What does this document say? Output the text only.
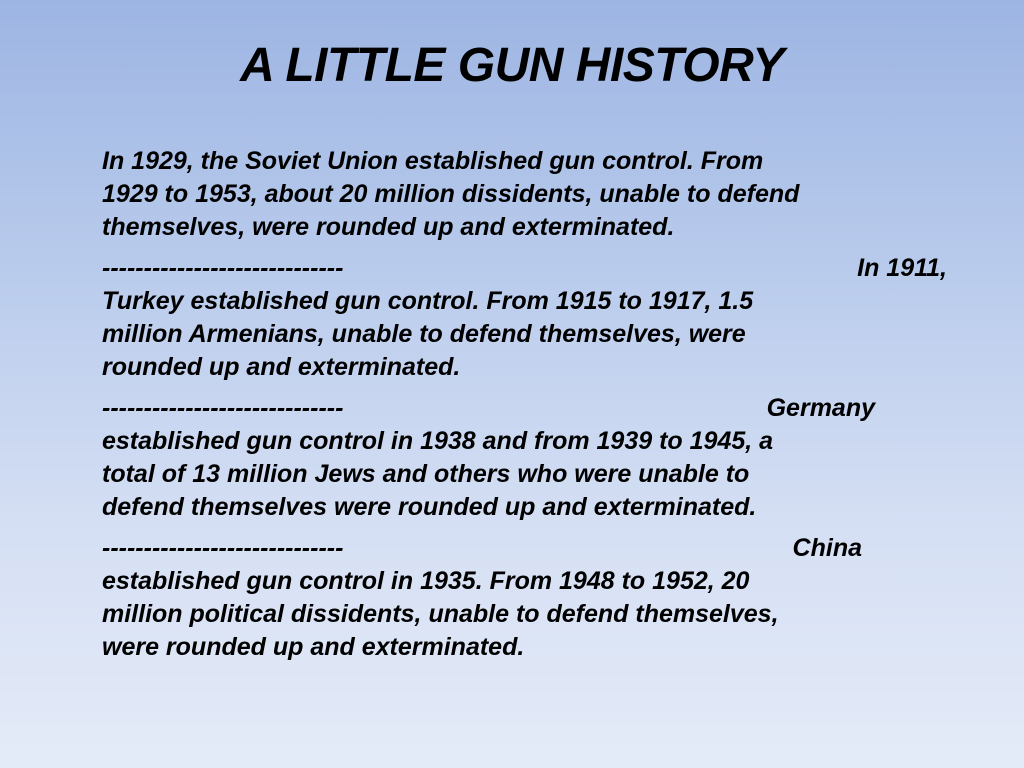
A LITTLE GUN HISTORY
In 1929, the Soviet Union established gun control. From
1929 to 1953, about 20 million dissidents, unable to defend
themselves, were rounded up and exterminated.
-----------------------------	In 1911,
Turkey established gun control. From 1915 to 1917, 1.5
million Armenians, unable to defend themselves, were
rounded up and exterminated.
-----------------------------	Germany
established gun control in 1938 and from 1939 to 1945, a
total of 13 million Jews and others who were unable to
defend themselves were rounded up and exterminated.
-----------------------------	China
established gun control in 1935. From 1948 to 1952, 20
million political dissidents, unable to defend themselves,
were rounded up and exterminated.
